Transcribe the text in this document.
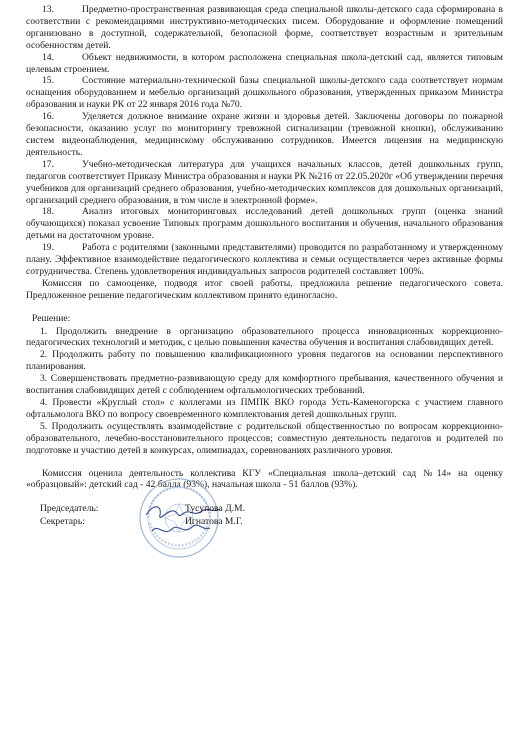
13.	Предметно-пространственная развивающая среда специальной школы-детского сада сформирована в соответствии с рекомендациями инструктивно-методических писем. Оборудование и оформление помещений организовано в доступной, содержательной, безопасной форме, соответствует возрастным и зрительным особенностям детей.

14.	Объект недвижимости, в котором расположена специальная школа-детский сад, является типовым целевым строением.

15.	Состояние материально-технической базы специальной школы-детского сада соответствует нормам оснащения оборудованием и мебелью организаций дошкольного образования, утвержденных приказом Министра образования и науки РК от 22 января 2016 года №70.

16.	Уделяется должное внимание охране жизни и здоровья детей. Заключены договоры по пожарной безопасности, оказанию услуг по мониторингу тревожной сигнализации (тревожной кнопки), обслуживанию систем видеонаблюдения, медицинскому обслуживанию сотрудников. Имеется лицензия на медицинскую деятельность.

17.	Учебно-методическая литература для учащихся начальных классов, детей дошкольных групп, педагогов соответствует Приказу Министра образования и науки РК №216 от 22.05.2020г «Об утверждении перечня учебников для организаций среднего образования, учебно-методических комплексов для дошкольных организаций, организаций среднего образования, в том числе в электронной форме».

18.	Анализ итоговых мониторинговых исследований детей дошкольных групп (оценка знаний обучающихся) показал усвоение Типовых программ дошкольного воспитания и обучения, начального образования детьми на достаточном уровне.

19.	Работа с родителями (законными представителями) проводится по разработанному и утвержденному плану. Эффективное взаимодействие педагогического коллектива и семьи осуществляется через активные формы сотрудничества. Степень удовлетворения индивидуальных запросов родителей составляет 100%.

Комиссия по самооценке, подводя итог своей работы, предложила решение педагогического совета. Предложенное решение педагогическим коллективом принято единогласно.

Решение:

1. Продолжить внедрение в организацию образовательного процесса инновационных коррекционно-педагогических технологий и методик, с целью повышения качества обучения и воспитания слабовидящих детей.

2. Продолжить работу по повышению квалификационного уровня педагогов на основании перспективного планирования.

3. Совершенствовать предметно-развивающую среду для комфортного пребывания, качественного обучения и воспитания слабовидящих детей с соблюдением офтальмологических требований.

4. Провести «Круглый стол» с коллегами из ПМПК ВКО города Усть-Каменогорска с участием главного офтальмолога ВКО по вопросу своевременного комплектования детей дошкольных групп.

5. Продолжить осуществлять взаимодействие с родительской общественностью по вопросам коррекционно-образовательного, лечебно-восстановительного процессов; совместную деятельность педагогов и родителей по подготовке и участию детей в конкурсах, олимпиадах, соревнованиях различного уровня.

Комиссия оценила деятельность коллектива КГУ «Специальная школа–детский сад №14» на оценку «образцовый»: детский сад - 42 балла (93%), начальная школа - 51 баллов (93%).

Председатель:	Тусупова Д.М.
Секретарь:	Игнатова М.Г.
